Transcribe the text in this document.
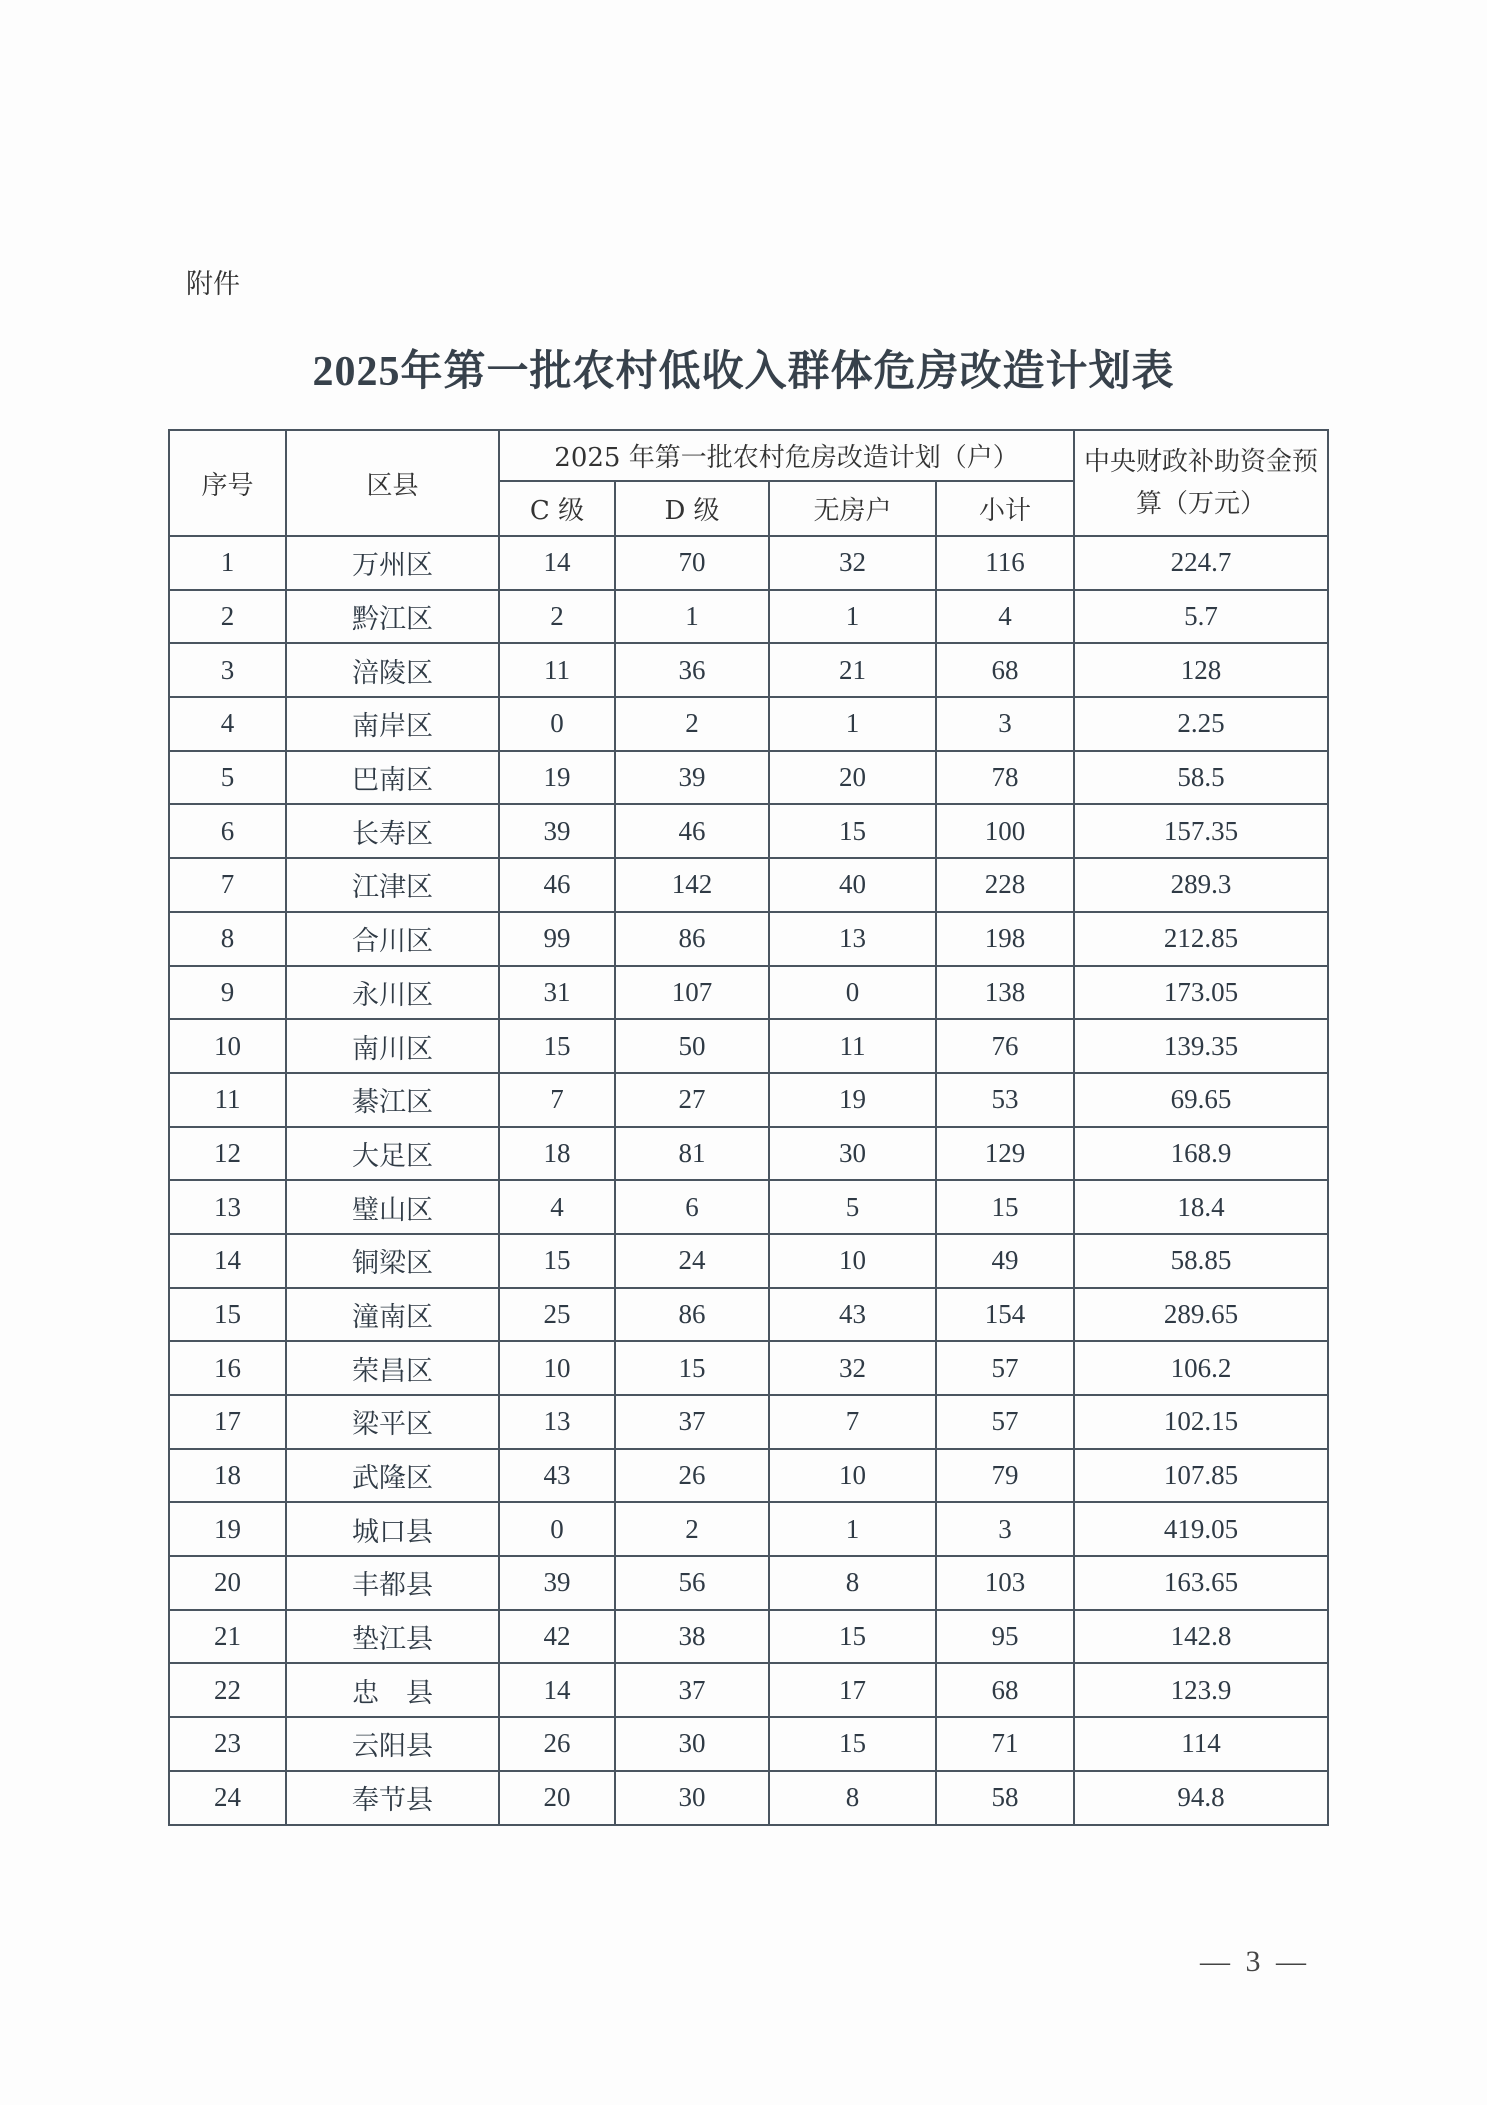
附件
2025年第一批农村低收入群体危房改造计划表
序号	区县	2025 年第一批农村危房改造计划（户）				中央财政补助资金预算（万元）
		C 级	D 级	无房户	小计	
1	万州区	14	70	32	116	224.7
2	黔江区	2	1	1	4	5.7
3	涪陵区	11	36	21	68	128
4	南岸区	0	2	1	3	2.25
5	巴南区	19	39	20	78	58.5
6	长寿区	39	46	15	100	157.35
7	江津区	46	142	40	228	289.3
8	合川区	99	86	13	198	212.85
9	永川区	31	107	0	138	173.05
10	南川区	15	50	11	76	139.35
11	綦江区	7	27	19	53	69.65
12	大足区	18	81	30	129	168.9
13	璧山区	4	6	5	15	18.4
14	铜梁区	15	24	10	49	58.85
15	潼南区	25	86	43	154	289.65
16	荣昌区	10	15	32	57	106.2
17	梁平区	13	37	7	57	102.15
18	武隆区	43	26	10	79	107.85
19	城口县	0	2	1	3	419.05
20	丰都县	39	56	8	103	163.65
21	垫江县	42	38	15	95	142.8
22	忠　县	14	37	17	68	123.9
23	云阳县	26	30	15	71	114
24	奉节县	20	30	8	58	94.8
— 3 —
